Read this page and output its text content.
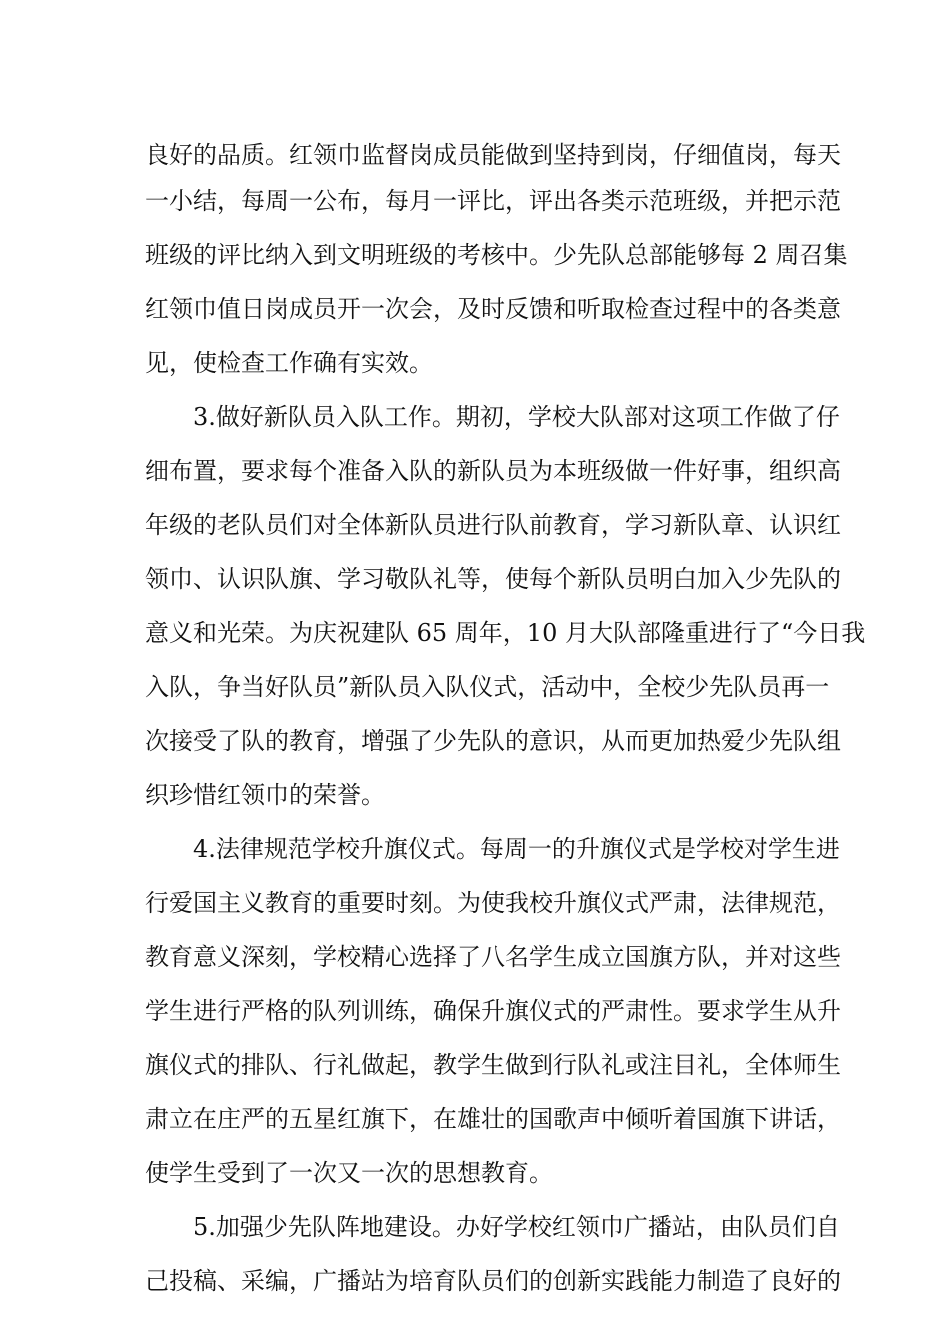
良好的品质。红领巾监督岗成员能做到坚持到岗，仔细值岗，每天
一小结，每周一公布，每月一评比，评出各类示范班级，并把示范
班级的评比纳入到文明班级的考核中。少先队总部能够每 2 周召集
红领巾值日岗成员开一次会，及时反馈和听取检查过程中的各类意
见，使检查工作确有实效。
3.做好新队员入队工作。期初，学校大队部对这项工作做了仔
细布置，要求每个准备入队的新队员为本班级做一件好事，组织高
年级的老队员们对全体新队员进行队前教育，学习新队章、认识红
领巾、认识队旗、学习敬队礼等，使每个新队员明白加入少先队的
意义和光荣。为庆祝建队 65 周年，10 月大队部隆重进行了“今日我
入队，争当好队员”新队员入队仪式，活动中，全校少先队员再一
次接受了队的教育，增强了少先队的意识，从而更加热爱少先队组
织珍惜红领巾的荣誉。
4.法律规范学校升旗仪式。每周一的升旗仪式是学校对学生进
行爱国主义教育的重要时刻。为使我校升旗仪式严肃，法律规范，
教育意义深刻，学校精心选择了八名学生成立国旗方队，并对这些
学生进行严格的队列训练，确保升旗仪式的严肃性。要求学生从升
旗仪式的排队、行礼做起，教学生做到行队礼或注目礼，全体师生
肃立在庄严的五星红旗下，在雄壮的国歌声中倾听着国旗下讲话，
使学生受到了一次又一次的思想教育。
5.加强少先队阵地建设。办好学校红领巾广播站，由队员们自
己投稿、采编，广播站为培育队员们的创新实践能力制造了良好的
